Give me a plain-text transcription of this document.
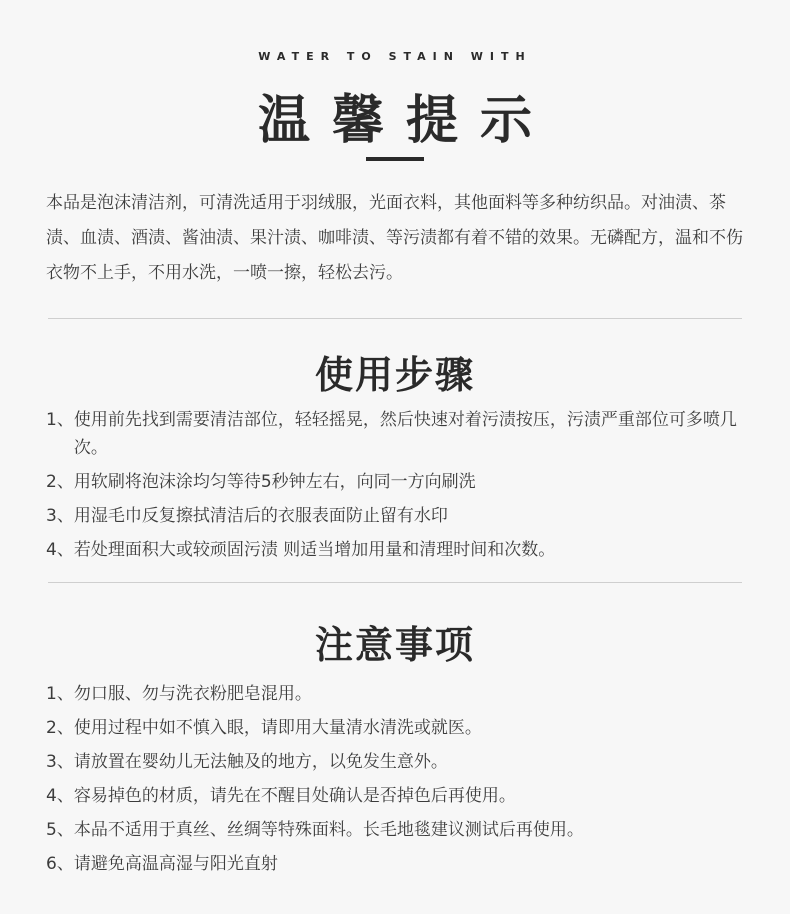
WATER TO STAIN WITH
温馨提示
本品是泡沫清洁剂，可清洗适用于羽绒服，光面衣料，其他面料等多种纺织品。对油渍、茶渍、血渍、酒渍、酱油渍、果汁渍、咖啡渍、等污渍都有着不错的效果。无磷配方，温和不伤衣物不上手，不用水洗，一喷一擦，轻松去污。
使用步骤
1、 使用前先找到需要清洁部位，轻轻摇晃，然后快速对着污渍按压，污渍严重部位可多喷几次。
2、 用软刷将泡沫涂均匀等待5秒钟左右，向同一方向刷洗
3、 用湿毛巾反复擦拭清洁后的衣服表面防止留有水印
4、 若处理面积大或较顽固污渍 则适当增加用量和清理时间和次数。
注意事项
1、 勿口服、勿与洗衣粉肥皂混用。
2、 使用过程中如不慎入眼，请即用大量清水清洗或就医。
3、 请放置在婴幼儿无法触及的地方，以免发生意外。
4、 容易掉色的材质，请先在不醒目处确认是否掉色后再使用。
5、 本品不适用于真丝、丝绸等特殊面料。长毛地毯建议测试后再使用。
6、 请避免高温高湿与阳光直射
